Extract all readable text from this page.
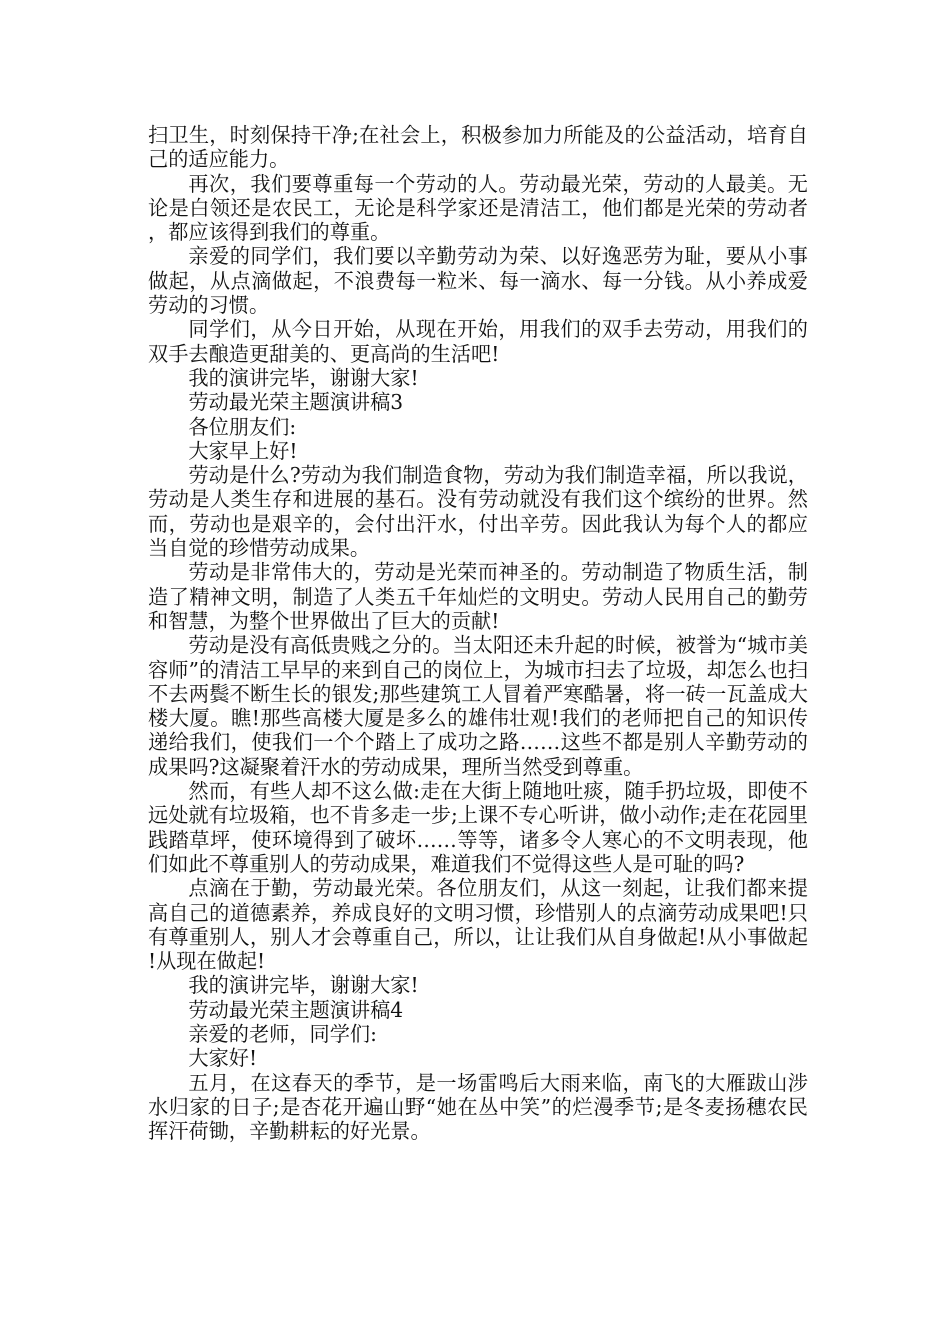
扫卫生，时刻保持干净;在社会上，积极参加力所能及的公益活动，培育自己的适应能力。

再次，我们要尊重每一个劳动的人。劳动最光荣，劳动的人最美。无论是白领还是农民工，无论是科学家还是清洁工，他们都是光荣的劳动者，都应该得到我们的尊重。

亲爱的同学们，我们要以辛勤劳动为荣、以好逸恶劳为耻，要从小事做起，从点滴做起，不浪费每一粒米、每一滴水、每一分钱。从小养成爱劳动的习惯。

同学们，从今日开始，从现在开始，用我们的双手去劳动，用我们的双手去酿造更甜美的、更高尚的生活吧!

我的演讲完毕，谢谢大家!

劳动最光荣主题演讲稿3

各位朋友们:

大家早上好!

劳动是什么?劳动为我们制造食物，劳动为我们制造幸福，所以我说，劳动是人类生存和进展的基石。没有劳动就没有我们这个缤纷的世界。然而，劳动也是艰辛的，会付出汗水，付出辛劳。因此我认为每个人的都应当自觉的珍惜劳动成果。

劳动是非常伟大的，劳动是光荣而神圣的。劳动制造了物质生活，制造了精神文明，制造了人类五千年灿烂的文明史。劳动人民用自己的勤劳和智慧，为整个世界做出了巨大的贡献!

劳动是没有高低贵贱之分的。当太阳还未升起的时候，被誉为“城市美容师”的清洁工早早的来到自己的岗位上，为城市扫去了垃圾，却怎么也扫不去两鬓不断生长的银发;那些建筑工人冒着严寒酷暑，将一砖一瓦盖成大楼大厦。瞧!那些高楼大厦是多么的雄伟壮观!我们的老师把自己的知识传递给我们，使我们一个个踏上了成功之路……这些不都是别人辛勤劳动的成果吗?这凝聚着汗水的劳动成果，理所当然受到尊重。

然而，有些人却不这么做:走在大街上随地吐痰，随手扔垃圾，即使不远处就有垃圾箱，也不肯多走一步;上课不专心听讲，做小动作;走在花园里践踏草坪，使环境得到了破坏……等等，诸多令人寒心的不文明表现，他们如此不尊重别人的劳动成果，难道我们不觉得这些人是可耻的吗?

点滴在于勤，劳动最光荣。各位朋友们，从这一刻起，让我们都来提高自己的道德素养，养成良好的文明习惯，珍惜别人的点滴劳动成果吧!只有尊重别人，别人才会尊重自己，所以，让让我们从自身做起!从小事做起!从现在做起!

我的演讲完毕，谢谢大家!

劳动最光荣主题演讲稿4

亲爱的老师，同学们:

大家好!

五月，在这春天的季节，是一场雷鸣后大雨来临，南飞的大雁跋山涉水归家的日子;是杏花开遍山野“她在丛中笑”的烂漫季节;是冬麦扬穗农民挥汗荷锄，辛勤耕耘的好光景。
